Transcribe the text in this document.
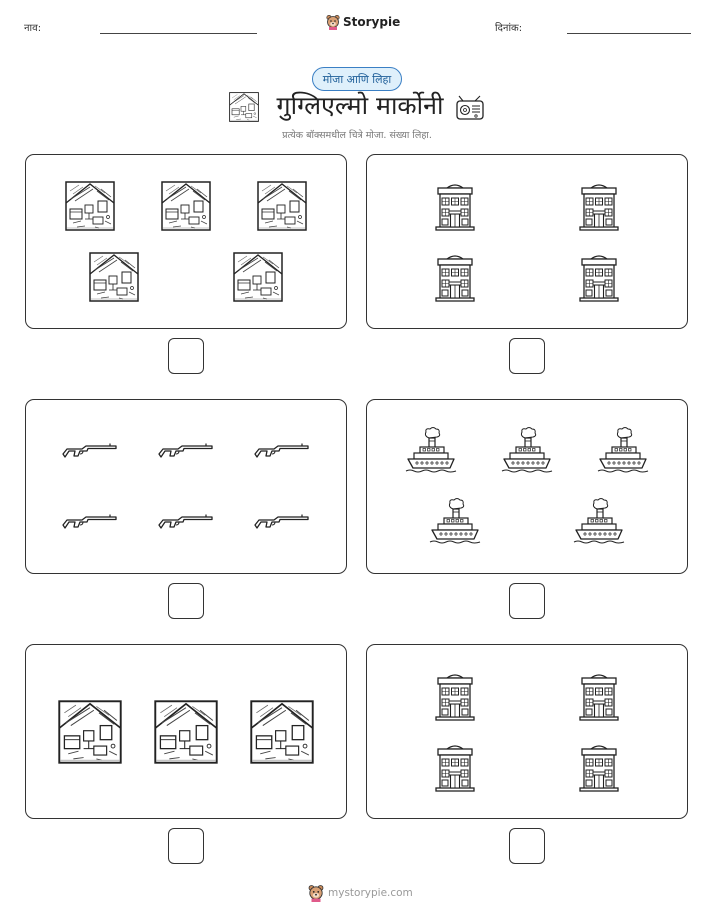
नाव:	Storypie	दिनांक:
मोजा आणि लिहा
गुग्लिएल्मो मार्कोनी
प्रत्येक बॉक्समधील चित्रे मोजा. संख्या लिहा.
mystorypie.com
